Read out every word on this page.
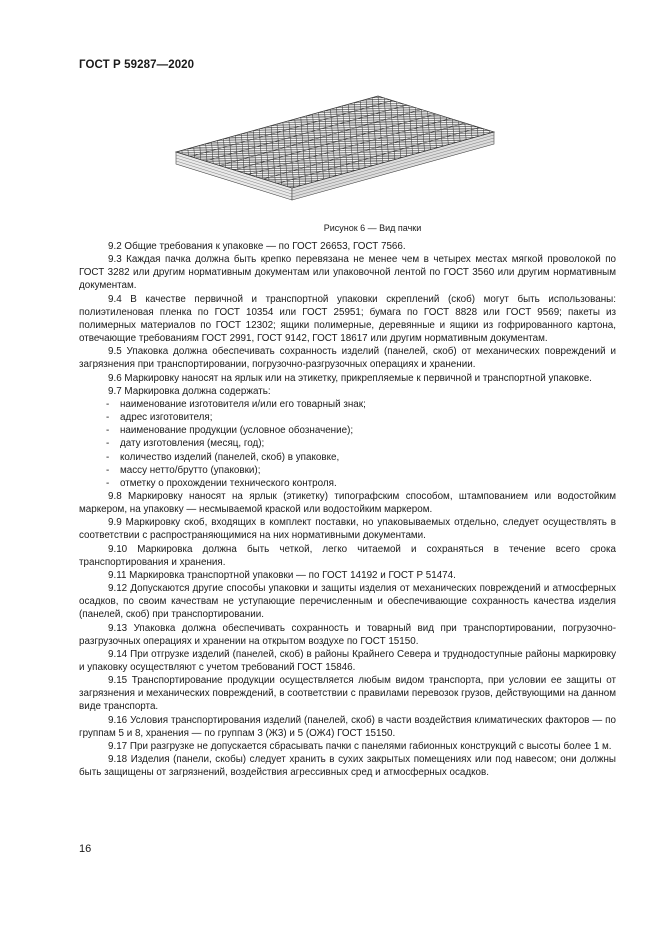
ГОСТ Р 59287—2020
Рисунок 6 — Вид пачки

9.2 Общие требования к упаковке — по ГОСТ 26653, ГОСТ 7566.

9.3 Каждая пачка должна быть крепко перевязана не менее чем в четырех местах мягкой проволокой по ГОСТ 3282 или другим нормативным документам или упаковочной лентой по ГОСТ 3560 или другим нормативным документам.

9.4 В качестве первичной и транспортной упаковки скреплений (скоб) могут быть использованы: полиэтиленовая пленка по ГОСТ 10354 или ГОСТ 25951; бумага по ГОСТ 8828 или ГОСТ 9569; пакеты из полимерных материалов по ГОСТ 12302; ящики полимерные, деревянные и ящики из гофрированного картона, отвечающие требованиям ГОСТ 2991, ГОСТ 9142, ГОСТ 18617 или другим нормативным документам.

9.5 Упаковка должна обеспечивать сохранность изделий (панелей, скоб) от механических повреждений и загрязнения при транспортировании, погрузочно-разгрузочных операциях и хранении.

9.6 Маркировку наносят на ярлык или на этикетку, прикрепляемые к первичной и транспортной упаковке.

9.7 Маркировка должна содержать:

- наименование изготовителя и/или его товарный знак;

- адрес изготовителя;

- наименование продукции (условное обозначение);

- дату изготовления (месяц, год);

- количество изделий (панелей, скоб) в упаковке,

- массу нетто/брутто (упаковки);

- отметку о прохождении технического контроля.

9.8 Маркировку наносят на ярлык (этикетку) типографским способом, штампованием или водостойким маркером, на упаковку — несмываемой краской или водостойким маркером.

9.9 Маркировку скоб, входящих в комплект поставки, но упаковываемых отдельно, следует осуществлять в соответствии с распространяющимися на них нормативными документами.

9.10 Маркировка должна быть четкой, легко читаемой и сохраняться в течение всего срока транспортирования и хранения.

9.11 Маркировка транспортной упаковки — по ГОСТ 14192 и ГОСТ Р 51474.

9.12 Допускаются другие способы упаковки и защиты изделия от механических повреждений и атмосферных осадков, по своим качествам не уступающие перечисленным и обеспечивающие сохранность качества изделия (панелей, скоб) при транспортировании.

9.13 Упаковка должна обеспечивать сохранность и товарный вид при транспортировании, погрузочно-разгрузочных операциях и хранении на открытом воздухе по ГОСТ 15150.

9.14 При отгрузке изделий (панелей, скоб) в районы Крайнего Севера и труднодоступные районы маркировку и упаковку осуществляют с учетом требований ГОСТ 15846.

9.15 Транспортирование продукции осуществляется любым видом транспорта, при условии ее защиты от загрязнения и механических повреждений, в соответствии с правилами перевозок грузов, действующими на данном виде транспорта.

9.16 Условия транспортирования изделий (панелей, скоб) в части воздействия климатических факторов — по группам 5 и 8, хранения — по группам 3 (Ж3) и 5 (ОЖ4) ГОСТ 15150.

9.17 При разгрузке не допускается сбрасывать пачки с панелями габионных конструкций с высоты более 1 м.

9.18 Изделия (панели, скобы) следует хранить в сухих закрытых помещениях или под навесом; они должны быть защищены от загрязнений, воздействия агрессивных сред и атмосферных осадков.

16
